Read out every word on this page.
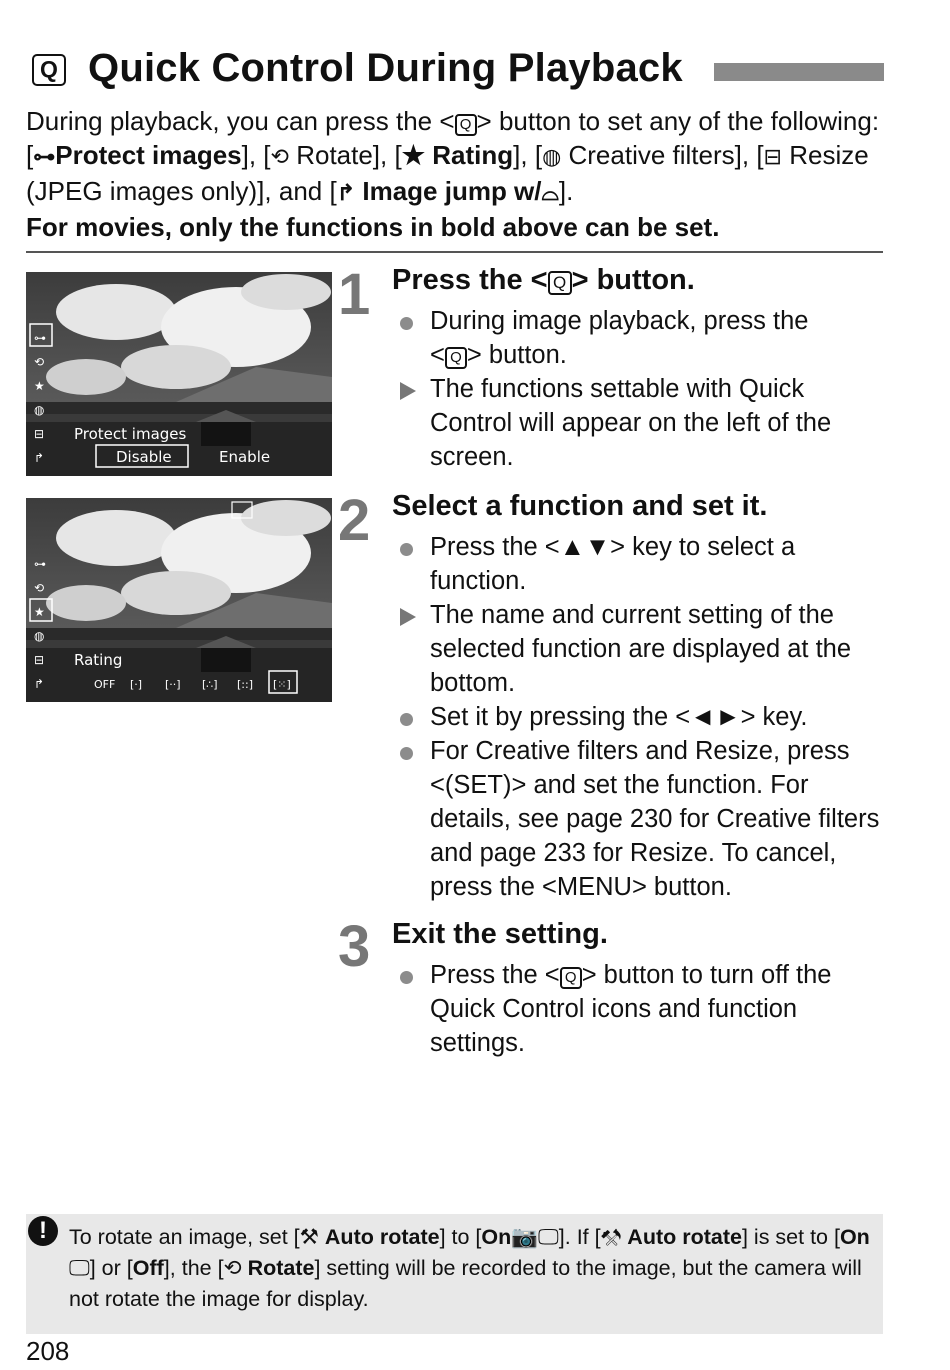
Q Quick Control During Playback
During playback, you can press the < Q > button to set any of the following: [⊶Protect images], [⟲ Rotate], [★ Rating], [◍ Creative filters], [⊟ Resize (JPEG images only)], and [↱ Image jump w/⌓].
For movies, only the functions in bold above can be set.
⊶
⟲
★
◍
⊟
↱
Protect images
Disable	Enable
⊶
⟲
★
◍
⊟
↱
Rating
OFF [·] [··] [∴] [::] [⁙]
1 Press the < Q > button.
During image playback, press the
< Q > button.
The functions settable with Quick Control will appear on the left of the screen.
2 Select a function and set it.
Press the <▲▼> key to select a function.
The name and current setting of the selected function are displayed at the bottom.
Set it by pressing the <◄►> key.
For Creative filters and Resize, press <(SET)> and set the function. For details, see page 230 for Creative filters and page 233 for Resize. To cancel, press the <MENU> button.
3 Exit the setting.
Press the < Q > button to turn off the Quick Control icons and function settings.
!	To rotate an image, set [⚒ Auto rotate] to [On📷🖵]. If [⚒ Auto rotate] is set to [On🖵] or [Off], the [⟲ Rotate] setting will be recorded to the image, but the camera will not rotate the image for display.
208
